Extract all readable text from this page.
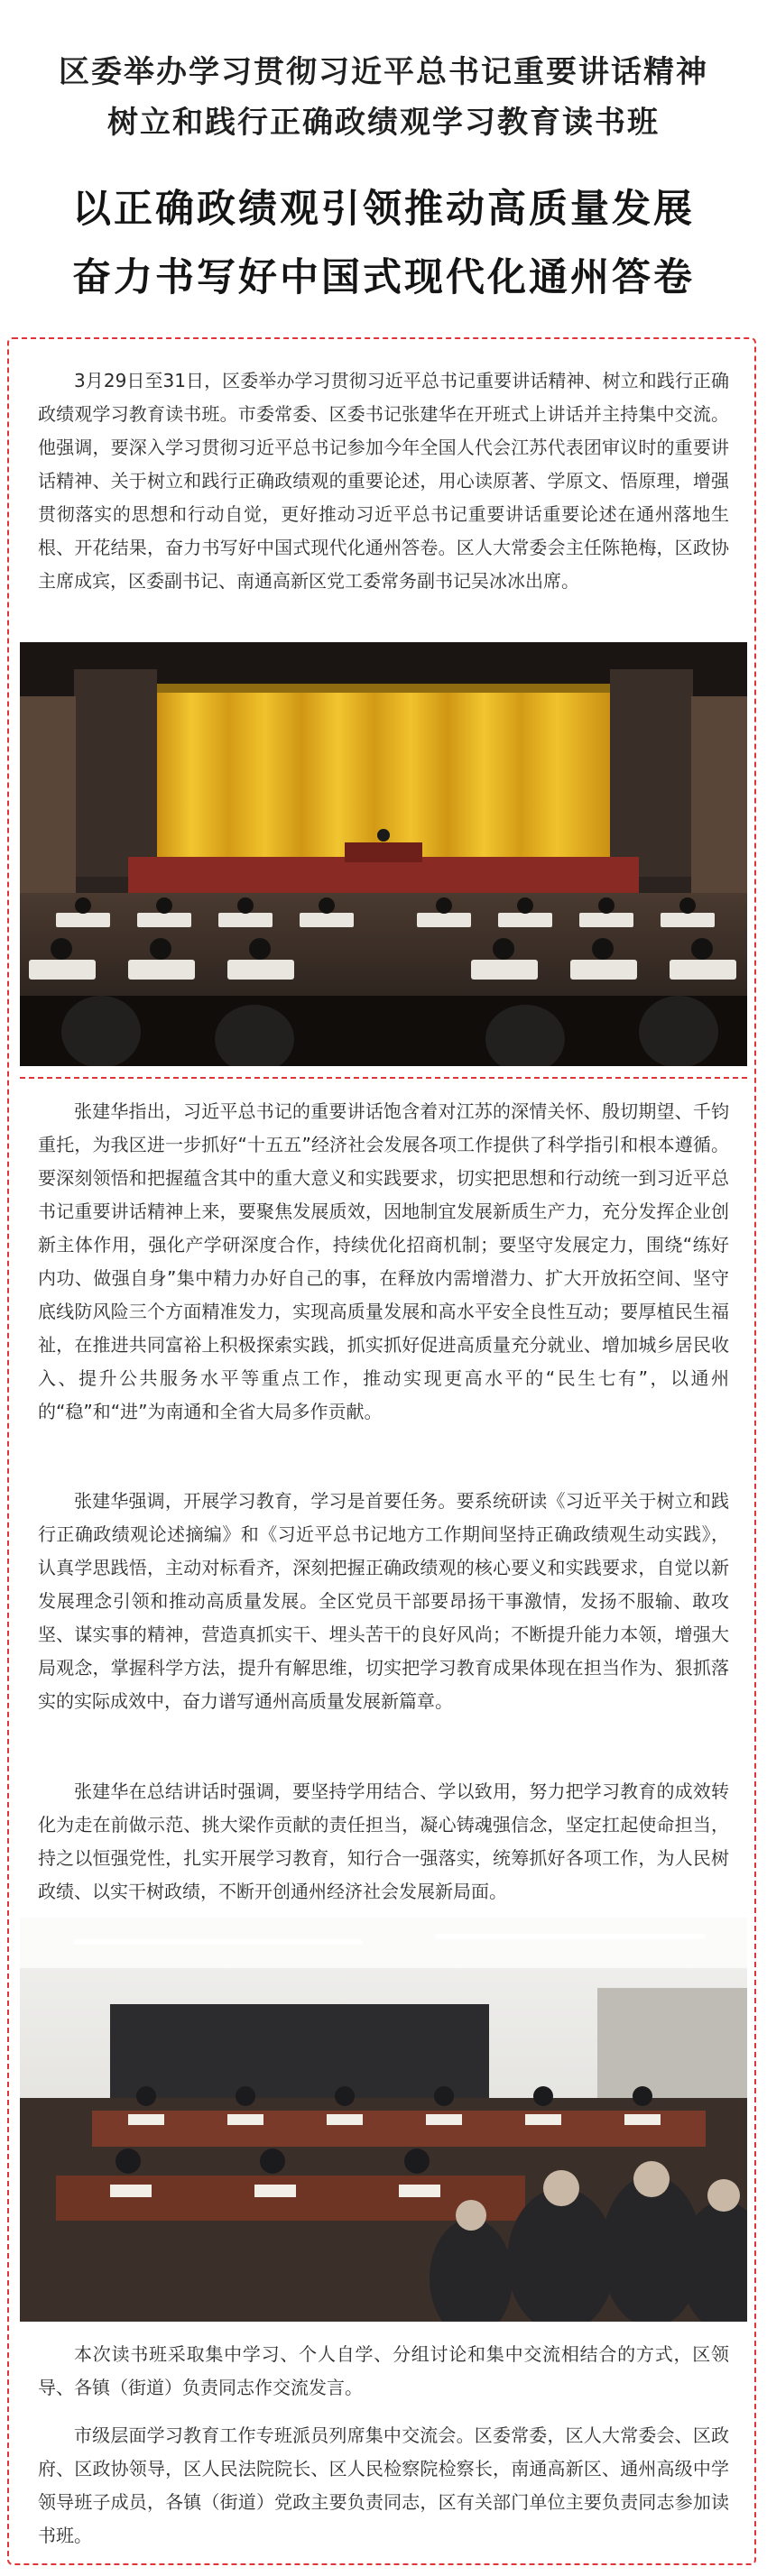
区委举办学习贯彻习近平总书记重要讲话精神
树立和践行正确政绩观学习教育读书班
以正确政绩观引领推动高质量发展
奋力书写好中国式现代化通州答卷

3月29日至31日，区委举办学习贯彻习近平总书记重要讲话精神、树立和践行正确政绩观学习教育读书班。市委常委、区委书记张建华在开班式上讲话并主持集中交流。他强调，要深入学习贯彻习近平总书记参加今年全国人代会江苏代表团审议时的重要讲话精神、关于树立和践行正确政绩观的重要论述，用心读原著、学原文、悟原理，增强贯彻落实的思想和行动自觉，更好推动习近平总书记重要讲话重要论述在通州落地生根、开花结果，奋力书写好中国式现代化通州答卷。区人大常委会主任陈艳梅，区政协主席成宾，区委副书记、南通高新区党工委常务副书记吴冰冰出席。

张建华指出，习近平总书记的重要讲话饱含着对江苏的深情关怀、殷切期望、千钧重托，为我区进一步抓好“十五五”经济社会发展各项工作提供了科学指引和根本遵循。要深刻领悟和把握蕴含其中的重大意义和实践要求，切实把思想和行动统一到习近平总书记重要讲话精神上来，要聚焦发展质效，因地制宜发展新质生产力，充分发挥企业创新主体作用，强化产学研深度合作，持续优化招商机制；要坚守发展定力，围绕“练好内功、做强自身”集中精力办好自己的事，在释放内需增潜力、扩大开放拓空间、坚守底线防风险三个方面精准发力，实现高质量发展和高水平安全良性互动；要厚植民生福祉，在推进共同富裕上积极探索实践，抓实抓好促进高质量充分就业、增加城乡居民收入、提升公共服务水平等重点工作，推动实现更高水平的“民生七有”，以通州的“稳”和“进”为南通和全省大局多作贡献。

张建华强调，开展学习教育，学习是首要任务。要系统研读《习近平关于树立和践行正确政绩观论述摘编》和《习近平总书记地方工作期间坚持正确政绩观生动实践》，认真学思践悟，主动对标看齐，深刻把握正确政绩观的核心要义和实践要求，自觉以新发展理念引领和推动高质量发展。全区党员干部要昂扬干事激情，发扬不服输、敢攻坚、谋实事的精神，营造真抓实干、埋头苦干的良好风尚；不断提升能力本领，增强大局观念，掌握科学方法，提升有解思维，切实把学习教育成果体现在担当作为、狠抓落实的实际成效中，奋力谱写通州高质量发展新篇章。

张建华在总结讲话时强调，要坚持学用结合、学以致用，努力把学习教育的成效转化为走在前做示范、挑大梁作贡献的责任担当，凝心铸魂强信念，坚定扛起使命担当，持之以恒强党性，扎实开展学习教育，知行合一强落实，统筹抓好各项工作，为人民树政绩、以实干树政绩，不断开创通州经济社会发展新局面。

本次读书班采取集中学习、个人自学、分组讨论和集中交流相结合的方式，区领导、各镇（街道）负责同志作交流发言。

市级层面学习教育工作专班派员列席集中交流会。区委常委，区人大常委会、区政府、区政协领导，区人民法院院长、区人民检察院检察长，南通高新区、通州高级中学领导班子成员，各镇（街道）党政主要负责同志，区有关部门单位主要负责同志参加读书班。
